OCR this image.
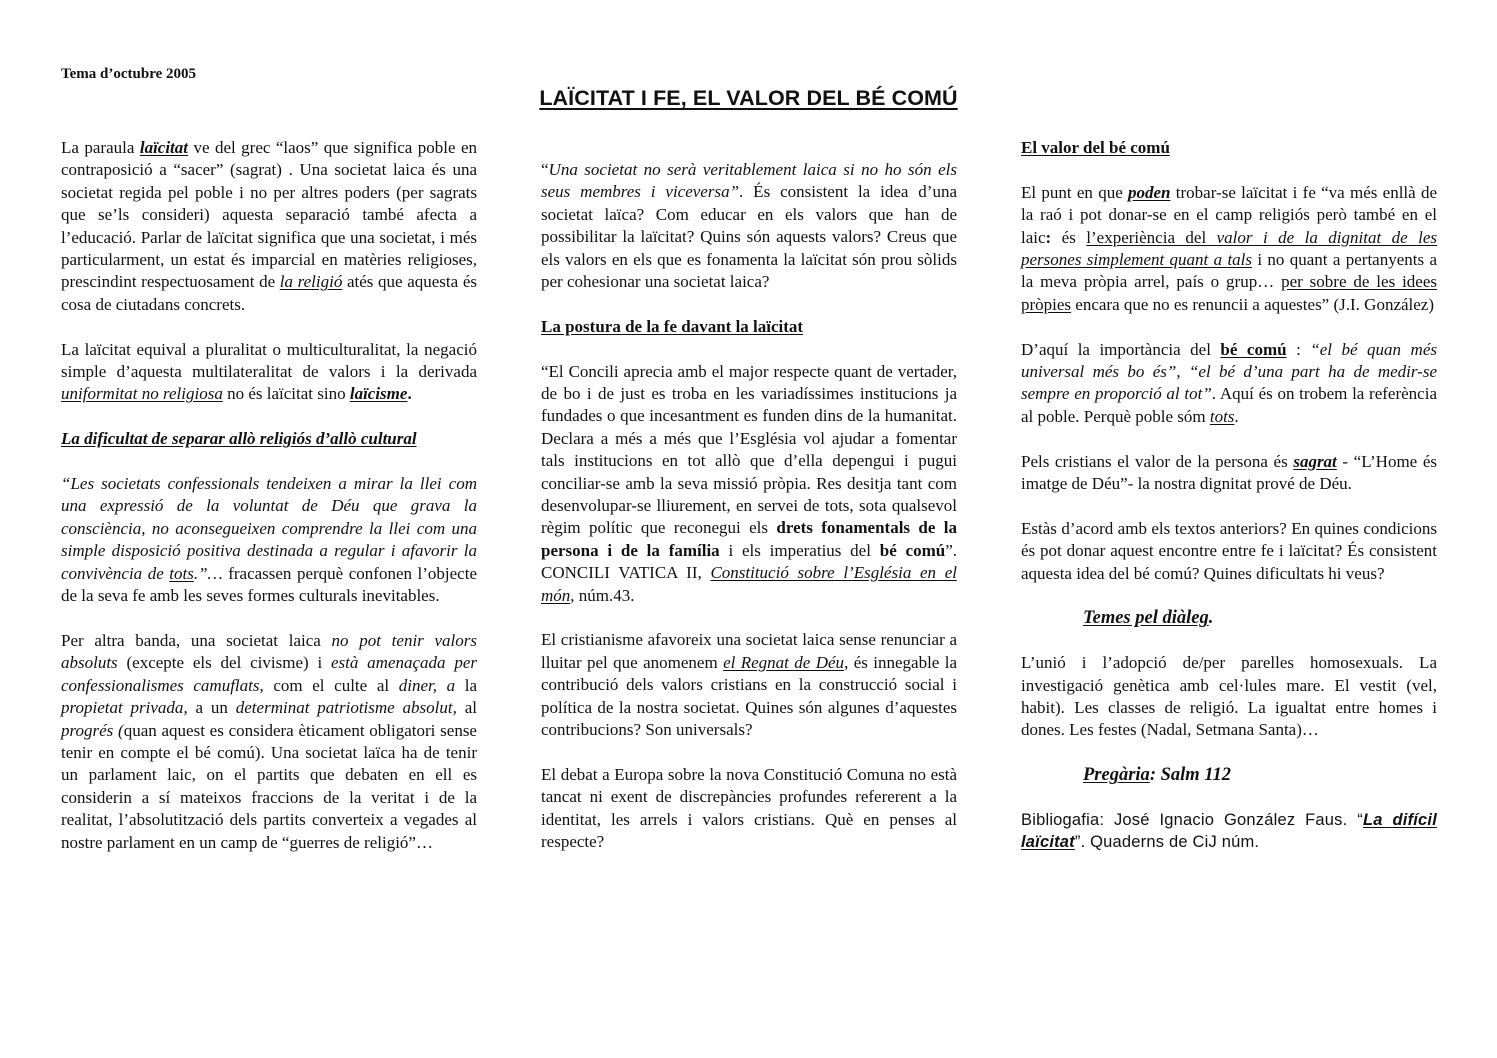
Tema d’octubre 2005
LAÏCITAT I FE, EL VALOR DEL BÉ COMÚ

La paraula laïcitat ve del grec “laos” que significa poble en contraposició a “sacer” (sagrat) . Una societat laica és una societat regida pel poble i no per altres poders (per sagrats que se’ls consideri) aquesta separació també afecta a l’educació. Parlar de laïcitat significa que una societat, i més particularment, un estat és imparcial en matèries religioses, prescindint respectuosament de la religió atés que aquesta és cosa de ciutadans concrets.

La laïcitat equival a pluralitat o multiculturalitat, la negació simple d’aquesta multilateralitat de valors i la derivada uniformitat no religiosa no és laïcitat sino laïcisme.

La dificultat de separar allò religiós d’allò cultural

“Les societats confessionals tendeixen a mirar la llei com una expressió de la voluntat de Déu que grava la consciència, no aconsegueixen comprendre la llei com una simple disposició positiva destinada a regular i afavorir la convivència de tots.”… fracassen perquè confonen l’objecte de la seva fe amb les seves formes culturals inevitables.

Per altra banda, una societat laica no pot tenir valors absoluts (excepte els del civisme) i està amenaçada per confessionalismes camuflats, com el culte al diner, a la propietat privada, a un determinat patriotisme absolut, al progrés (quan aquest es considera èticament obligatori sense tenir en compte el bé comú). Una societat laïca ha de tenir un parlament laic, on el partits que debaten en ell es considerin a sí mateixos fraccions de la veritat i de la realitat, l’absolutització dels partits converteix a vegades al nostre parlament en un camp de “guerres de religió”…

“Una societat no serà veritablement laica si no ho són els seus membres i viceversa”. És consistent la idea d’una societat laïca? Com educar en els valors que han de possibilitar la laïcitat? Quins són aquests valors? Creus que els valors en els que es fonamenta la laïcitat són prou sòlids per cohesionar una societat laica?

La postura de la fe davant la laïcitat

“El Concili aprecia amb el major respecte quant de vertader, de bo i de just es troba en les variadíssimes institucions ja fundades o que incesantment es funden dins de la humanitat. Declara a més a més que l’Església vol ajudar a fomentar tals institucions en tot allò que d’ella depengui i pugui conciliar-se amb la seva missió pròpia. Res desitja tant com desenvolupar-se lliurement, en servei de tots, sota qualsevol règim polític que reconegui els drets fonamentals de la persona i de la família i els imperatius del bé comú”. CONCILI VATICA II, Constitució sobre l’Església en el món, núm.43.

El cristianisme afavoreix una societat laica sense renunciar a lluitar pel que anomenem el Regnat de Déu, és innegable la contribució dels valors cristians en la construcció social i política de la nostra societat. Quines són algunes d’aquestes contribucions? Son universals?

El debat a Europa sobre la nova Constitució Comuna no està tancat ni exent de discrepàncies profundes refererent a la identitat, les arrels i valors cristians. Què en penses al respecte?

El valor del bé comú

El punt en que poden trobar-se laïcitat i fe “va més enllà de la raó i pot donar-se en el camp religiós però també en el laic: és l’experiència del valor i de la dignitat de les persones simplement quant a tals i no quant a pertanyents a la meva pròpia arrel, país o grup… per sobre de les idees pròpies encara que no es renuncii a aquestes” (J.I. González)

D’aquí la importància del bé comú : “el bé quan més universal més bo és”, “el bé d’una part ha de medir-se sempre en proporció al tot”. Aquí és on trobem la referència al poble. Perquè poble sóm tots.

Pels cristians el valor de la persona és sagrat - “L’Home és imatge de Déu”- la nostra dignitat prové de Déu.

Estàs d’acord amb els textos anteriors? En quines condicions és pot donar aquest encontre entre fe i laïcitat? És consistent aquesta idea del bé comú? Quines dificultats hi veus?

Temes pel diàleg.

L’unió i l’adopció de/per parelles homosexuals. La investigació genètica amb cel·lules mare. El vestit (vel, habit). Les classes de religió. La igualtat entre homes i dones. Les festes (Nadal, Setmana Santa)…

Pregària: Salm 112

Bibliogafia: José Ignacio González Faus. “La difícil laïcitat”. Quaderns de CiJ núm.
